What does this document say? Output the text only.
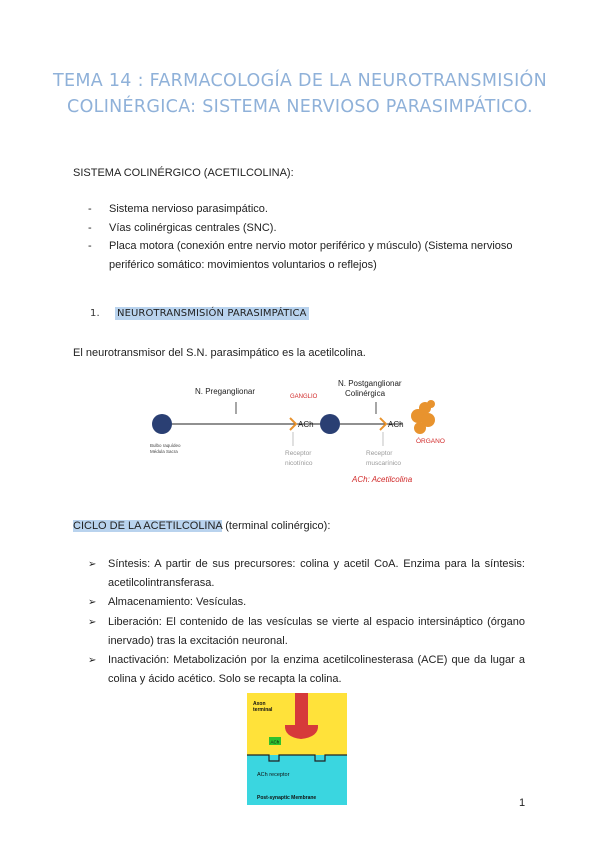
TEMA 14 : FARMACOLOGÍA DE LA NEUROTRANSMISIÓN COLINÉRGICA: SISTEMA NERVIOSO PARASIMPÁTICO.
SISTEMA COLINÉRGICO (ACETILCOLINA):
- Sistema nervioso parasimpático.
- Vías colinérgicas centrales (SNC).
- Placa motora (conexión entre nervio motor periférico y músculo) (Sistema nervioso periférico somático: movimientos voluntarios o reflejos)
1. NEUROTRANSMISIÓN PARASIMPÁTICA
El neurotransmisor del S.N. parasimpático es la acetilcolina.
N. Preganglionar
N. Postganglionar
Colinérgica
GANGLIO
ACh	ACh
ÓRGANO
Bulbo raquídeo
Médula Sacra	Receptor
nicotínico
Receptor
muscarínico
ACh: Acetilcolina
CICLO DE LA ACETILCOLINA (terminal colinérgico):
➢ Síntesis: A partir de sus precursores: colina y acetil CoA. Enzima para la síntesis: acetilcolintransferasa.
➢ Almacenamiento: Vesículas.
➢ Liberación: El contenido de las vesículas se vierte al espacio intersináptico (órgano inervado) tras la excitación neuronal.
➢ Inactivación: Metabolización por la enzima acetilcolinesterasa (ACE) que da lugar a colina y ácido acético. Solo se recapta la colina.
ACh
Axon
terminal
ACh receptor
Post-synaptic Membrane	1
